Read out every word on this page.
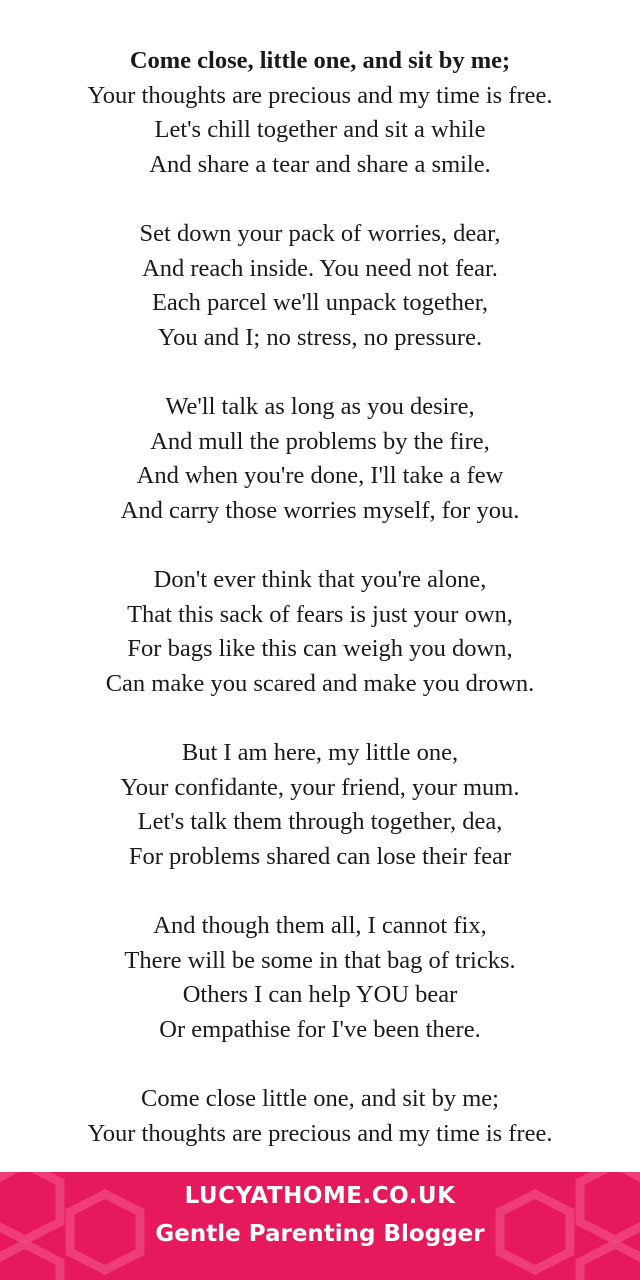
Come close, little one, and sit by me;
Your thoughts are precious and my time is free.
Let's chill together and sit a while
And share a tear and share a smile.
Set down your pack of worries, dear,
And reach inside. You need not fear.
Each parcel we'll unpack together,
You and I; no stress, no pressure.
We'll talk as long as you desire,
And mull the problems by the fire,
And when you're done, I'll take a few
And carry those worries myself, for you.
Don't ever think that you're alone,
That this sack of fears is just your own,
For bags like this can weigh you down,
Can make you scared and make you drown.
But I am here, my little one,
Your confidante, your friend, your mum.
Let's talk them through together, dea,
For problems shared can lose their fear
And though them all, I cannot fix,
There will be some in that bag of tricks.
Others I can help YOU bear
Or empathise for I've been there.
Come close little one, and sit by me;
Your thoughts are precious and my time is free.
LUCYATHOME.CO.UK
Gentle Parenting Blogger
